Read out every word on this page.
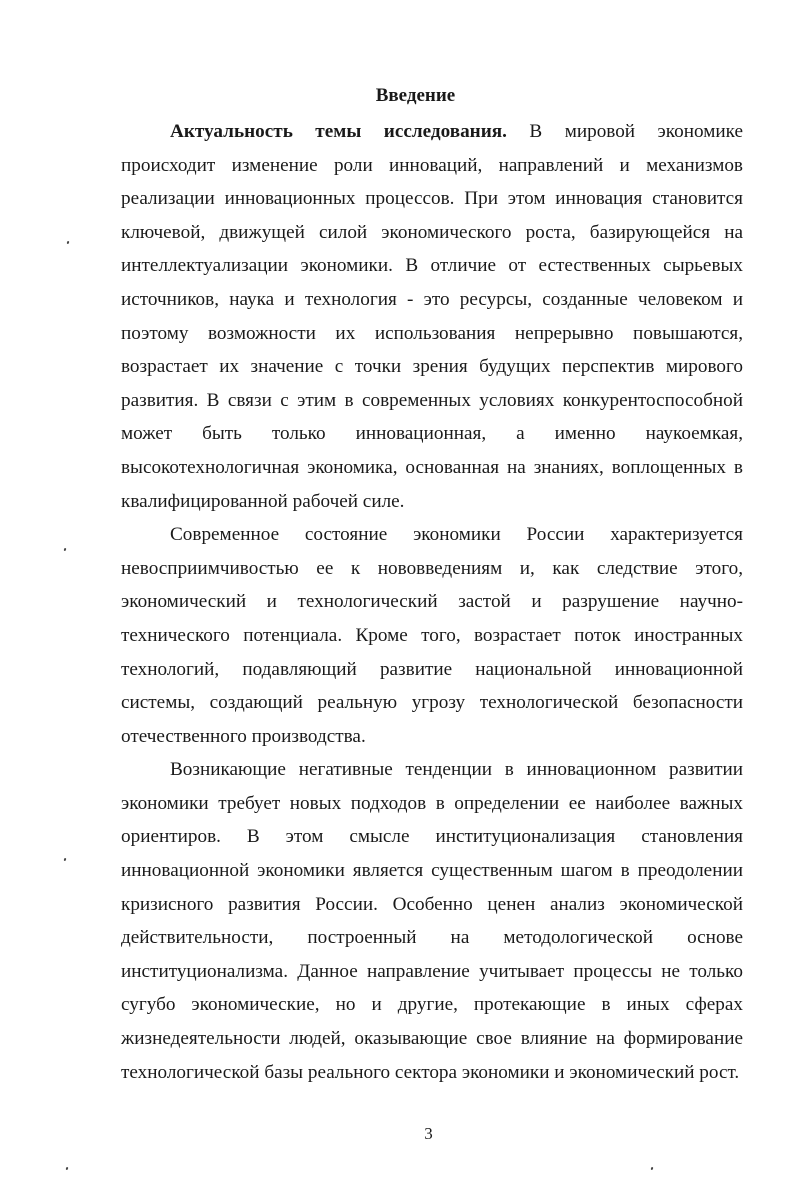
Введение

Актуальность темы исследования. В мировой экономике происходит изменение роли инноваций, направлений и механизмов реализации инновационных процессов. При этом инновация становится ключевой, движущей силой экономического роста, базирующейся на интеллектуализации экономики. В отличие от естественных сырьевых источников, наука и технология - это ресурсы, созданные человеком и поэтому возможности их использования непрерывно повышаются, возрастает их значение с точки зрения будущих перспектив мирового развития. В связи с этим в современных условиях конкурентоспособной может быть только инновационная, а именно наукоемкая, высокотехнологичная экономика, основанная на знаниях, воплощенных в квалифицированной рабочей силе.

Современное состояние экономики России характеризуется невосприимчивостью ее к нововведениям и, как следствие этого, экономический и технологический застой и разрушение научно-технического потенциала. Кроме того, возрастает поток иностранных технологий, подавляющий развитие национальной инновационной системы, создающий реальную угрозу технологической безопасности отечественного производства.

Возникающие негативные тенденции в инновационном развитии экономики требует новых подходов в определении ее наиболее важных ориентиров. В этом смысле институционализация становления инновационной экономики является существенным шагом в преодолении кризисного развития России. Особенно ценен анализ экономической действительности, построенный на методологической основе институционализма. Данное направление учитывает процессы не только сугубо экономические, но и другие, протекающие в иных сферах жизнедеятельности людей, оказывающие свое влияние на формирование технологической базы реального сектора экономики и экономический рост.

3
